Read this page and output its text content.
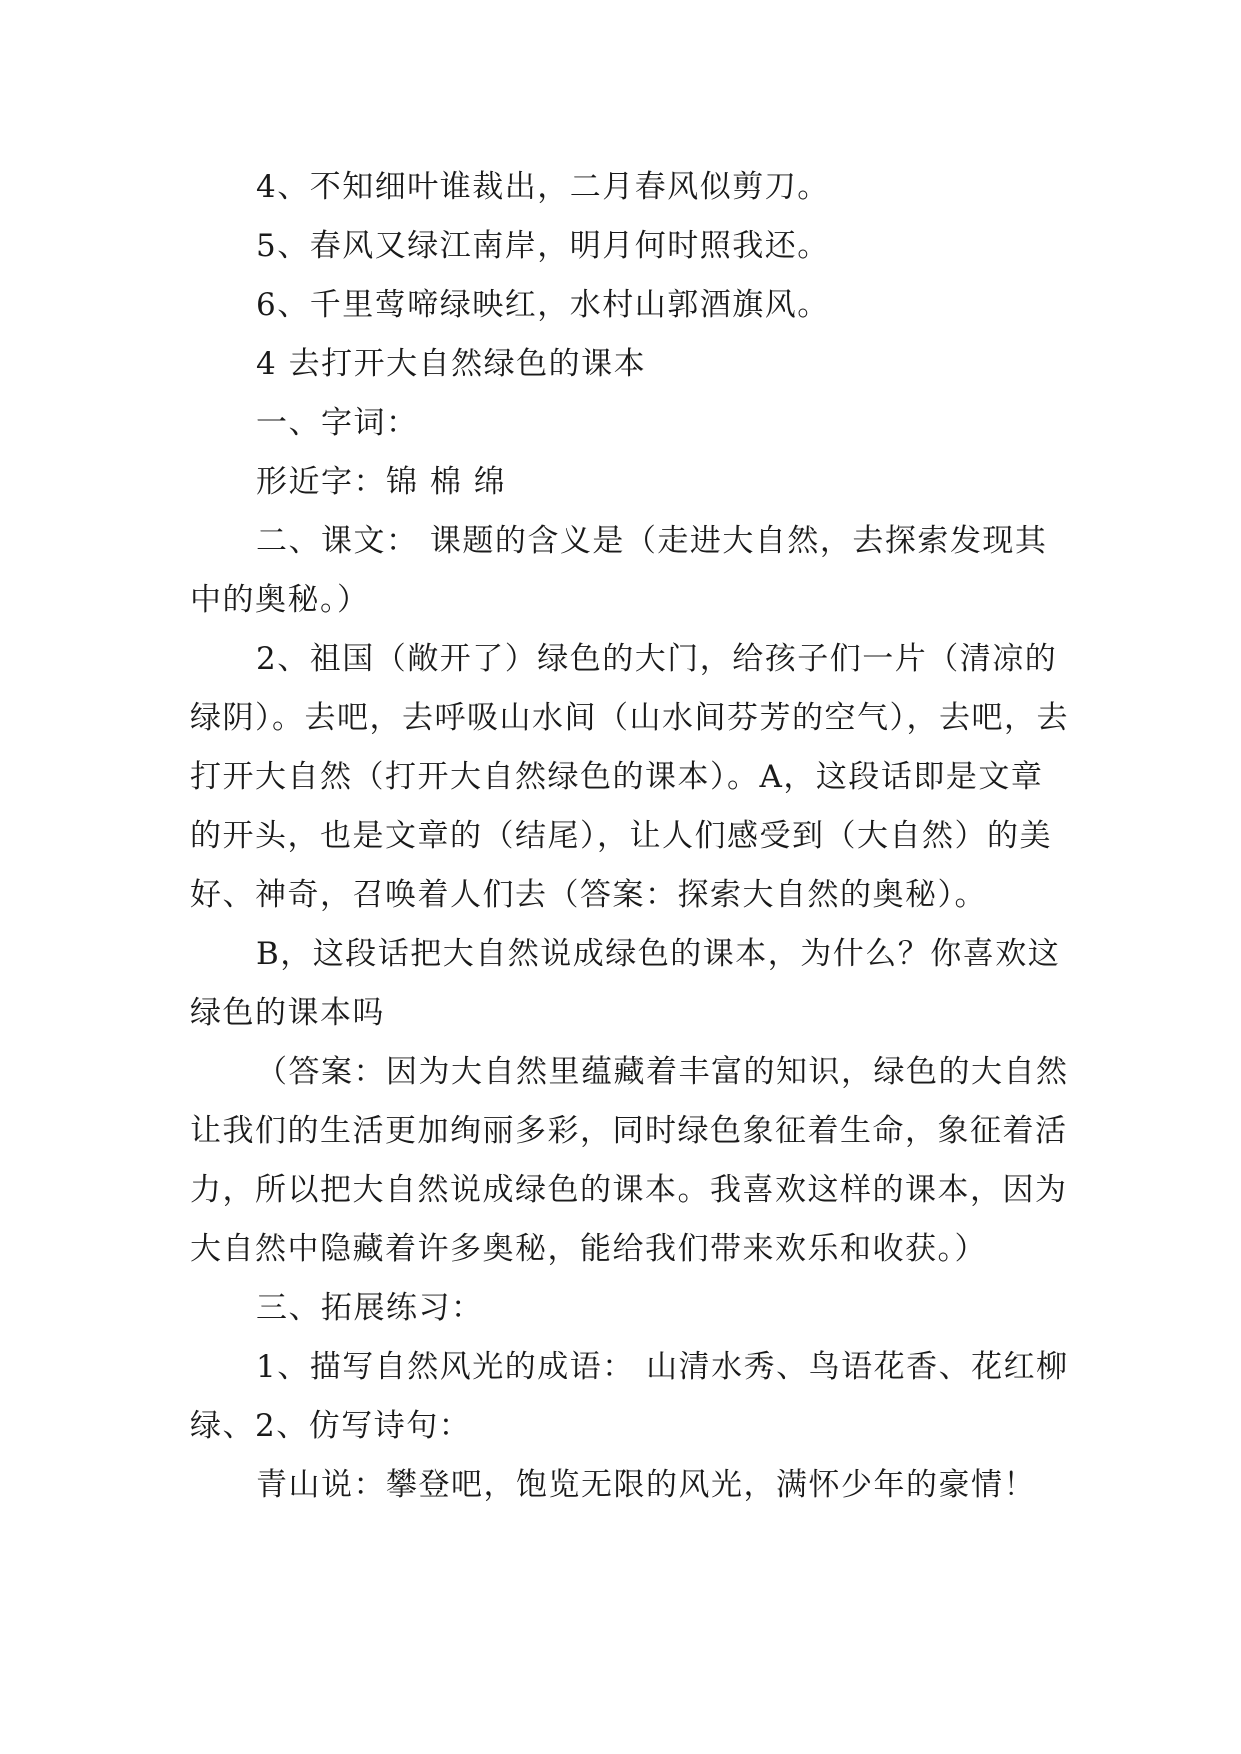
4、不知细叶谁裁出，二月春风似剪刀。

5、春风又绿江南岸，明月何时照我还。

6、千里莺啼绿映红，水村山郭酒旗风。

4 去打开大自然绿色的课本

一、字词：

形近字：锦 棉 绵

二、课文： 课题的含义是（走进大自然，去探索发现其中的奥秘。）

2、祖国（敞开了）绿色的大门，给孩子们一片（清凉的绿阴）。去吧，去呼吸山水间（山水间芬芳的空气），去吧，去打开大自然（打开大自然绿色的课本）。A，这段话即是文章的开头，也是文章的（结尾），让人们感受到（大自然）的美好、神奇，召唤着人们去（答案：探索大自然的奥秘）。

B，这段话把大自然说成绿色的课本，为什么？你喜欢这绿色的课本吗

（答案：因为大自然里蕴藏着丰富的知识，绿色的大自然让我们的生活更加绚丽多彩，同时绿色象征着生命，象征着活力，所以把大自然说成绿色的课本。我喜欢这样的课本，因为大自然中隐藏着许多奥秘，能给我们带来欢乐和收获。）

三、拓展练习：

1、描写自然风光的成语： 山清水秀、鸟语花香、花红柳绿、2、仿写诗句：

青山说：攀登吧，饱览无限的风光，满怀少年的豪情！
